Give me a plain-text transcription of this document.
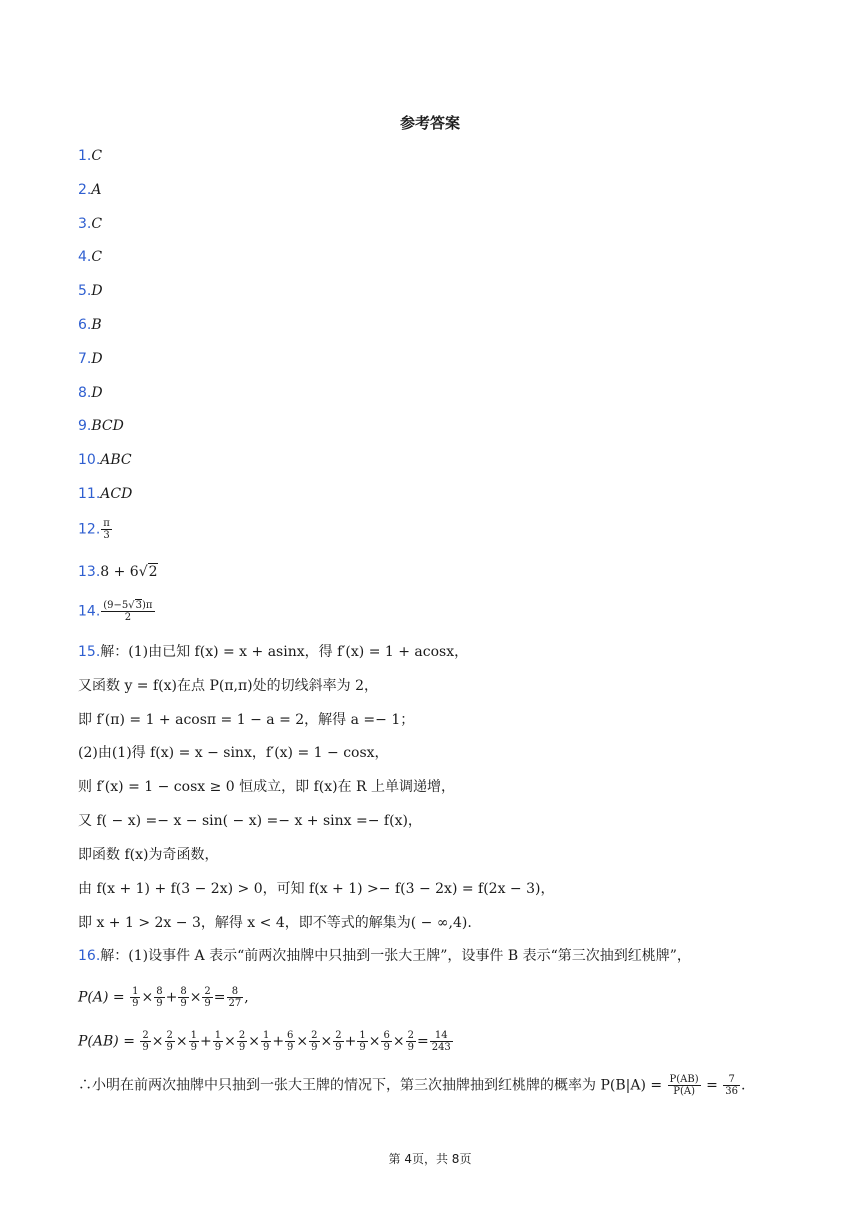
参考答案
1.C
2.A
3.C
4.C
5.D
6.B
7.D
8.D
9.BCD
10.ABC
11.ACD
12. $\frac{\pi}{3}$
13.8 + 6√2
14. $\frac{(9-5√3)\pi}{2}$
15.解：(1)由已知 f(x) = x + asinx，得 f′(x) = 1 + acosx，
又函数 y = f(x)在点 P(π,π)处的切线斜率为 2，
即 f′(π) = 1 + acosπ = 1 − a = 2，解得 a =− 1；
(2)由(1)得 f(x) = x − sinx，f′(x) = 1 − cosx，
则 f′(x) = 1 − cosx ≥ 0 恒成立，即 f(x)在 R 上单调递增，
又 f( − x) =− x − sin( − x) =− x + sinx =− f(x)，
即函数 f(x)为奇函数，
由 f(x + 1) + f(3 − 2x) > 0，可知 f(x + 1) >− f(3 − 2x) = f(2x − 3)，
即 x + 1 > 2x − 3，解得 x < 4，即不等式的解集为( − ∞,4).
16.解：(1)设事件 A 表示“前两次抽牌中只抽到一张大王牌”，设事件 B 表示“第三次抽到红桃牌”，
$P(A) = \frac{1}{9} \times \frac{8}{9} + \frac{8}{9} \times \frac{2}{9} = \frac{8}{27}$ ,
$P(AB) = \frac{2}{9} \times \frac{2}{9} \times \frac{1}{9} + \frac{1}{9} \times \frac{2}{9} \times \frac{1}{9} + \frac{6}{9} \times \frac{2}{9} \times \frac{2}{9} + \frac{1}{9} \times \frac{6}{9} \times \frac{2}{9} = \frac{14}{243}$
∴小明在前两次抽牌中只抽到一张大王牌的情况下，第三次抽牌抽到红桃牌的概率为 $P(B|A) = \frac{P(AB)}{P(A)} = \frac{7}{36}$ .
第 4页，共 8页
